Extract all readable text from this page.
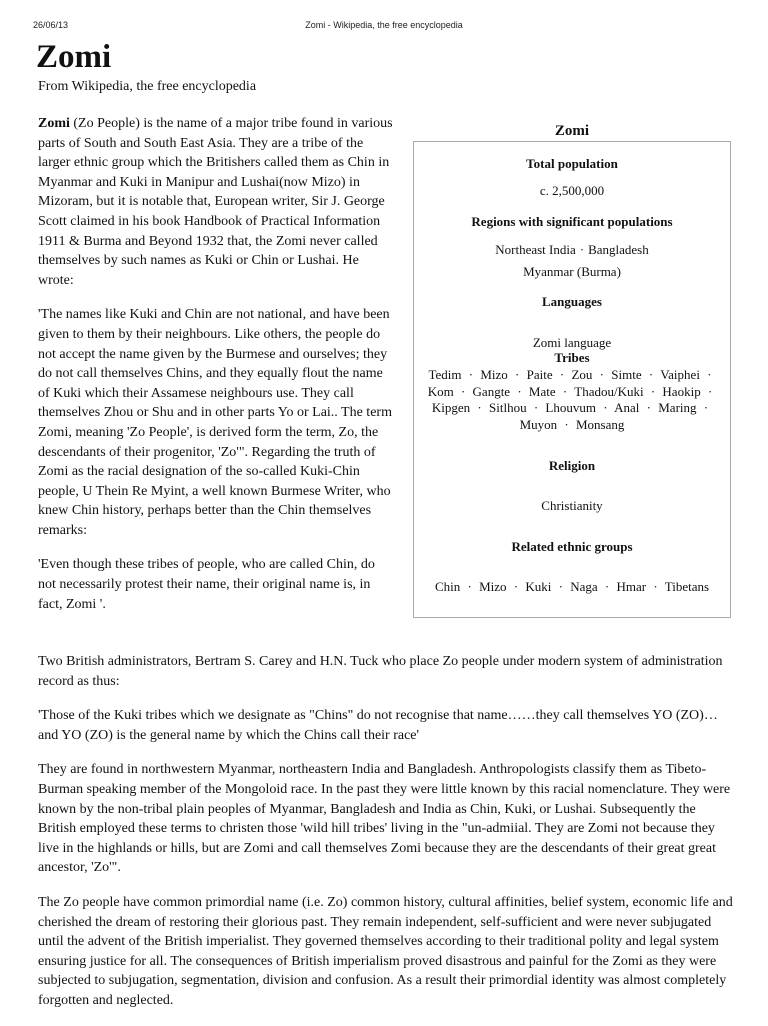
26/06/13	Zomi - Wikipedia, the free encyclopedia
Zomi
From Wikipedia, the free encyclopedia

Zomi (Zo People) is the name of a major tribe found in various parts of South and South East Asia. They are a tribe of the larger ethnic group which the Britishers called them as Chin in Myanmar and Kuki in Manipur and Lushai(now Mizo) in Mizoram, but it is notable that, European writer, Sir J. George Scott claimed in his book Handbook of Practical Information 1911 & Burma and Beyond 1932 that, the Zomi never called themselves by such names as Kuki or Chin or Lushai. He wrote:

'The names like Kuki and Chin are not national, and have been given to them by their neighbours. Like others, the people do not accept the name given by the Burmese and ourselves; they do not call themselves Chins, and they equally flout the name of Kuki which their Assamese neighbours use. They call themselves Zhou or Shu and in other parts Yo or Lai.. The term Zomi, meaning 'Zo People', is derived form the term, Zo, the descendants of their progenitor, 'Zo'". Regarding the truth of Zomi as the racial designation of the so-called Kuki-Chin people, U Thein Re Myint, a well known Burmese Writer, who knew Chin history, perhaps better than the Chin themselves remarks:

'Even though these tribes of people, who are called Chin, do not necessarily protest their name, their original name is, in fact, Zomi '.

Zomi
Total population
c. 2,500,000
Regions with significant populations
Northeast India · Bangladesh
Myanmar (Burma)
Languages
Zomi language
Tribes
Tedim · Mizo · Paite · Zou · Simte · Vaiphei · Kom · Gangte · Mate · Thadou/Kuki · Haokip · Kipgen · Sitlhou · Lhouvum · Anal · Maring · Muyon · Monsang
Religion
Christianity
Related ethnic groups
Chin · Mizo · Kuki · Naga · Hmar · Tibetans

Two British administrators, Bertram S. Carey and H.N. Tuck who place Zo people under modern system of administration record as thus:

'Those of the Kuki tribes which we designate as "Chins" do not recognise that name……they call themselves YO (ZO)…and YO (ZO) is the general name by which the Chins call their race'

They are found in northwestern Myanmar, northeastern India and Bangladesh. Anthropologists classify them as Tibeto-Burman speaking member of the Mongoloid race. In the past they were little known by this racial nomenclature. They were known by the non-tribal plain peoples of Myanmar, Bangladesh and India as Chin, Kuki, or Lushai. Subsequently the British employed these terms to christen those 'wild hill tribes' living in the "un-admiial. They are Zomi not because they live in the highlands or hills, but are Zomi and call themselves Zomi because they are the descendants of their great great ancestor, 'Zo'".

The Zo people have common primordial name (i.e. Zo) common history, cultural affinities, belief system, economic life and cherished the dream of restoring their glorious past. They remain independent, self-sufficient and were never subjugated until the advent of the British imperialist. They governed themselves according to their traditional polity and legal system ensuring justice for all. The consequences of British imperialism proved disastrous and painful for the Zomi as they were subjected to subjugation, segmentation, division and confusion. As a result their primordial identity was almost completely forgotten and neglected.
